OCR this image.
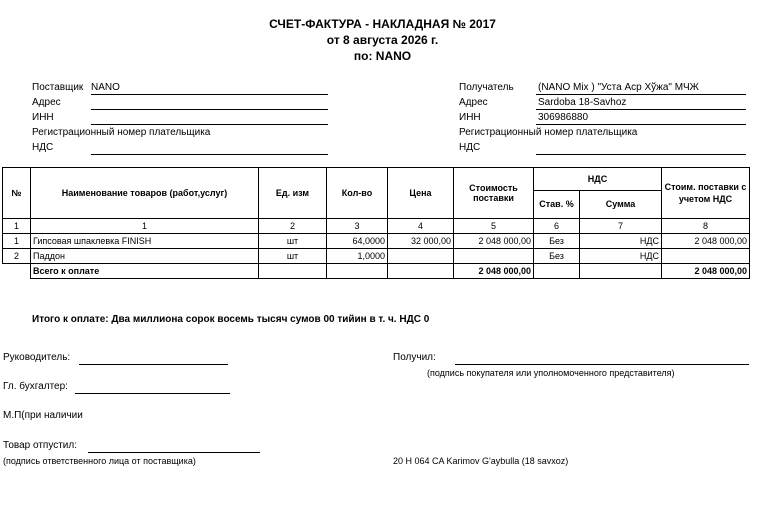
СЧЕТ-ФАКТУРА - НАКЛАДНАЯ № 2017
от 8 августа 2026 г.
по: NANO
Поставщик NANO
Адрес
ИНН
Регистрационный номер плательщика
НДС
Получатель (NANO Mix ) "Уста Аср Хўжа" МЧЖ
Адрес	Sardoba 18-Savhoz
ИНН	306986880
Регистрационный номер плательщика
НДС
№	Наименование товаров (работ,услуг)	Ед. изм	Кол-во	Цена	Стоимость поставки	НДС		Стоим. поставки с учетом НДС
						Став. %	Сумма	
1	1	2	3	4	5	6	7	8
1	Гипсовая шпаклевка FINISH	шт	64,0000	32 000,00	2 048 000,00	Без	НДС	2 048 000,00
2	Паддон	шт	1,0000			Без	НДС	
	Всего к оплате				2 048 000,00			2 048 000,00
Итого к оплате: Два миллиона сорок восемь тысяч сумов 00 тийин в т. ч. НДС 0
Руководитель:
Гл. бухгалтер:
М.П(при наличии
Товар отпустил:
(подпись ответственного лица от поставщика)
Получил:
(подпись покупателя или уполномоченного представителя)
20 H 064 CA Karimov G'aybulla (18 savxoz)
